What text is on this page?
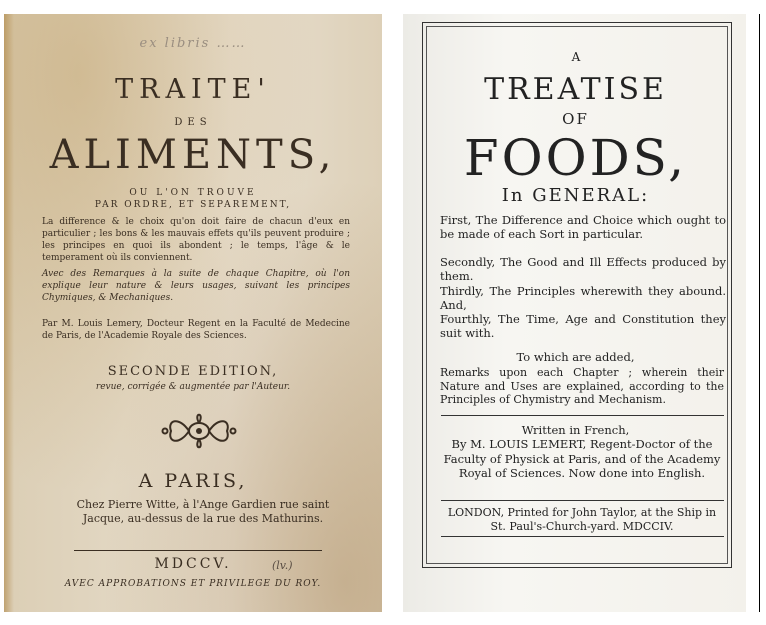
ex libris ……
TRAITE'
DES
ALIMENTS,
OU L'ON TROUVE
PAR ORDRE, ET SEPAREMENT,
La difference & le choix qu'on doit faire de chacun d'eux en particulier ; les bons & les mauvais effets qu'ils peuvent produire ; les principes en quoi ils abondent ; le temps, l'âge & le temperament où ils conviennent.
Avec des Remarques à la suite de chaque Chapitre, où l'on explique leur nature & leurs usages, suivant les principes Chymiques, & Mechaniques.
Par M. Louis Lemery, Docteur Regent en la Faculté de Medecine de Paris, de l'Academie Royale des Sciences.
SECONDE EDITION,
revue, corrigée & augmentée par l'Auteur.
A PARIS,
Chez Pierre Witte, à l'Ange Gardien rue saint Jacque, au-dessus de la rue des Mathurins.
MDCCV.	(lv.)
AVEC APPROBATIONS ET PRIVILEGE DU ROY.
A
TREATISE
OF
FOODS,
In GENERAL:
First, The Difference and Choice which ought to be made of each Sort in particular.
Secondly, The Good and Ill Effects produced by them.
Thirdly, The Principles wherewith they abound. And,
Fourthly, The Time, Age and Constitution they suit with.
To which are added,
Remarks upon each Chapter ; wherein their Nature and Uses are explained, according to the Principles of Chymistry and Mechanism.
Written in French,
By M. LOUIS LEMERT, Regent-Doctor of the Faculty of Physick at Paris, and of the Academy Royal of Sciences. Now done into English.
LONDON, Printed for John Taylor, at the Ship in St. Paul's-Church-yard. MDCCIV.
